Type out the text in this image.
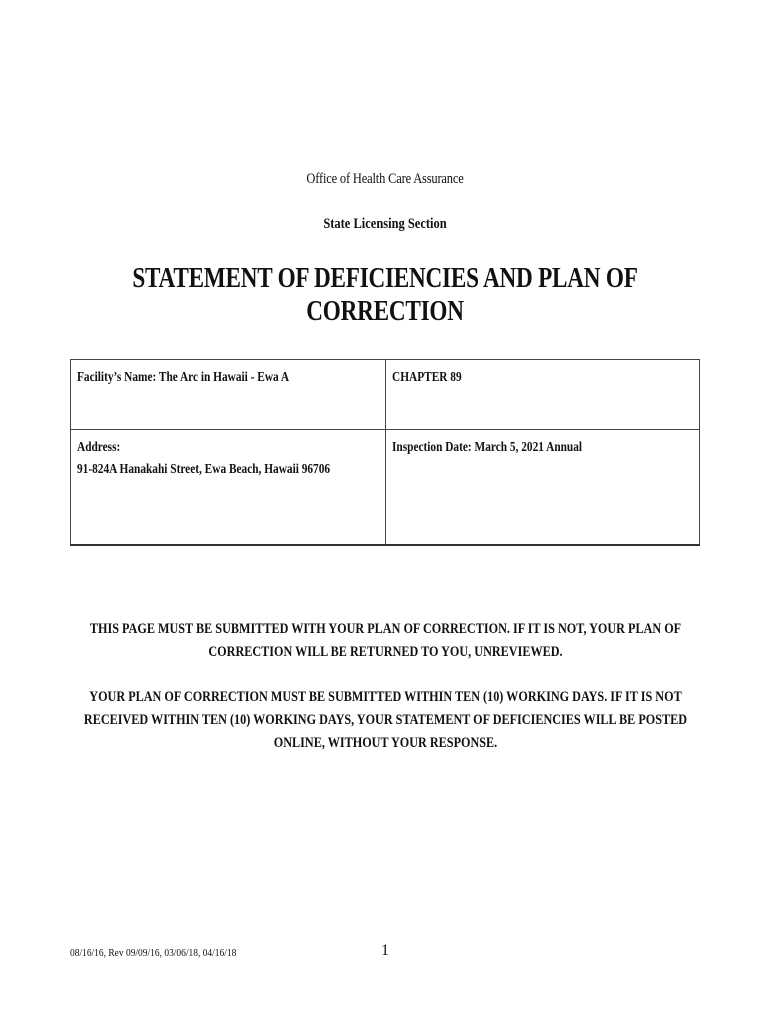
Office of Health Care Assurance
State Licensing Section
STATEMENT OF DEFICIENCIES AND PLAN OF CORRECTION
Facility’s Name: The Arc in Hawaii - Ewa A	CHAPTER 89

Address:
91-824A Hanakahi Street, Ewa Beach, Hawaii 96706	Inspection Date: March 5, 2021 Annual
THIS PAGE MUST BE SUBMITTED WITH YOUR PLAN OF CORRECTION. IF IT IS NOT, YOUR PLAN OF CORRECTION WILL BE RETURNED TO YOU, UNREVIEWED.
YOUR PLAN OF CORRECTION MUST BE SUBMITTED WITHIN TEN (10) WORKING DAYS. IF IT IS NOT RECEIVED WITHIN TEN (10) WORKING DAYS, YOUR STATEMENT OF DEFICIENCIES WILL BE POSTED ONLINE, WITHOUT YOUR RESPONSE.
08/16/16, Rev 09/09/16, 03/06/18, 04/16/18	1
